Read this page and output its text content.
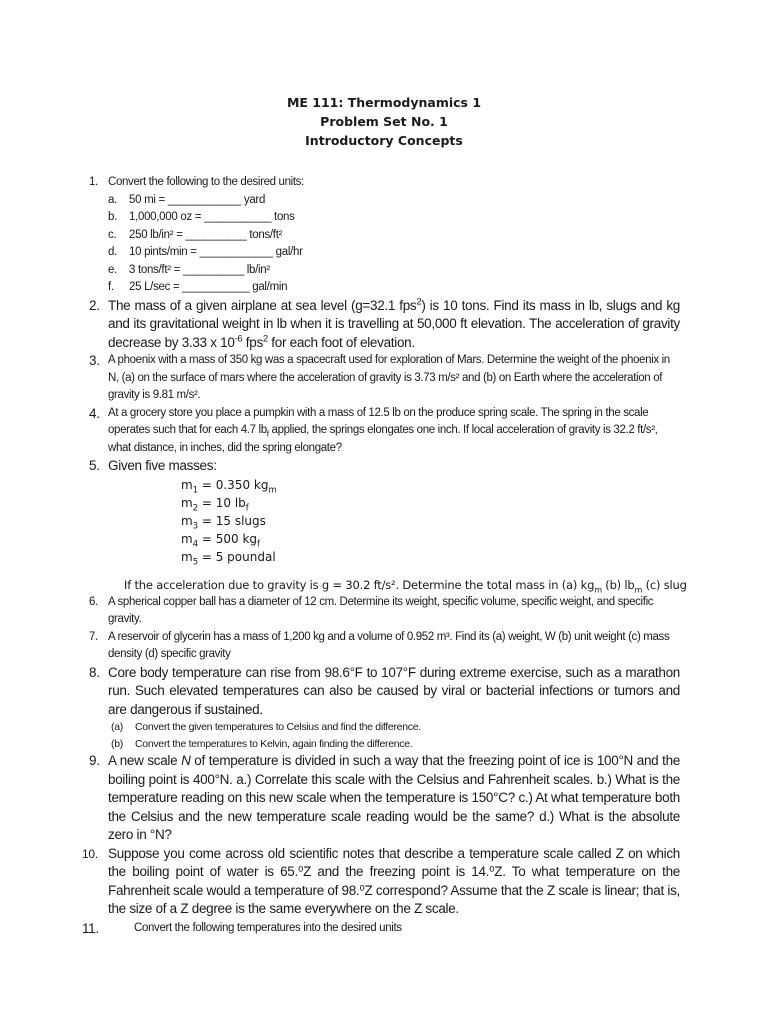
ME 111: Thermodynamics 1
Problem Set No. 1
Introductory Concepts
1. Convert the following to the desired units:
a. 50 mi = ____________ yard
b. 1,000,000 oz = ___________ tons
c. 250 lb/in² = __________ tons/ft²
d. 10 pints/min = ____________ gal/hr
e. 3 tons/ft² = __________ lb/in²
f. 25 L/sec = ___________ gal/min
2. The mass of a given airplane at sea level (g=32.1 fps$^2$) is 10 tons. Find its mass in lb, slugs and kg and its gravitational weight in lb when it is travelling at 50,000 ft elevation. The acceleration of gravity decrease by 3.33 x $10^{-6}$ fps$^2$ for each foot of elevation.
3. A phoenix with a mass of 350 kg was a spacecraft used for exploration of Mars. Determine the weight of the phoenix in N, (a) on the surface of mars where the acceleration of gravity is 3.73 m/s² and (b) on Earth where the acceleration of gravity is 9.81 m/s².
4. At a grocery store you place a pumpkin with a mass of 12.5 lb on the produce spring scale. The spring in the scale operates such that for each 4.7 $lb_f$ applied, the springs elongates one inch. If local acceleration of gravity is 32.2 ft/s², what distance, in inches, did the spring elongate?
5. Given five masses:
$m_1 = 0.350$ $kg_m$
$m_2 = 10$ $lb_f$
$m_3 = 15$ slugs
$m_4 = 500$ $kg_f$
$m_5 = 5$ poundal
If the acceleration due to gravity is g = 30.2 ft/s². Determine the total mass in (a) $kg_m$ (b) $lb_m$ (c) slug
6. A spherical copper ball has a diameter of 12 cm. Determine its weight, specific volume, specific weight, and specific gravity.
7. A reservoir of glycerin has a mass of 1,200 kg and a volume of 0.952 m³. Find its (a) weight, W (b) unit weight (c) mass density (d) specific gravity
8. Core body temperature can rise from 98.6°F to 107°F during extreme exercise, such as a marathon run. Such elevated temperatures can also be caused by viral or bacterial infections or tumors and are dangerous if sustained.
(a) Convert the given temperatures to Celsius and find the difference.
(b) Convert the temperatures to Kelvin, again finding the difference.
9. A new scale N of temperature is divided in such a way that the freezing point of ice is 100°N and the boiling point is 400°N. a.) Correlate this scale with the Celsius and Fahrenheit scales. b.) What is the temperature reading on this new scale when the temperature is 150°C? c.) At what temperature both the Celsius and the new temperature scale reading would be the same? d.) What is the absolute zero in °N?
10. Suppose you come across old scientific notes that describe a temperature scale called Z on which the boiling point of water is 65.⁰Z and the freezing point is 14.⁰Z. To what temperature on the Fahrenheit scale would a temperature of 98.⁰Z correspond? Assume that the Z scale is linear; that is, the size of a Z degree is the same everywhere on the Z scale.
11.	Convert the following temperatures into the desired units
